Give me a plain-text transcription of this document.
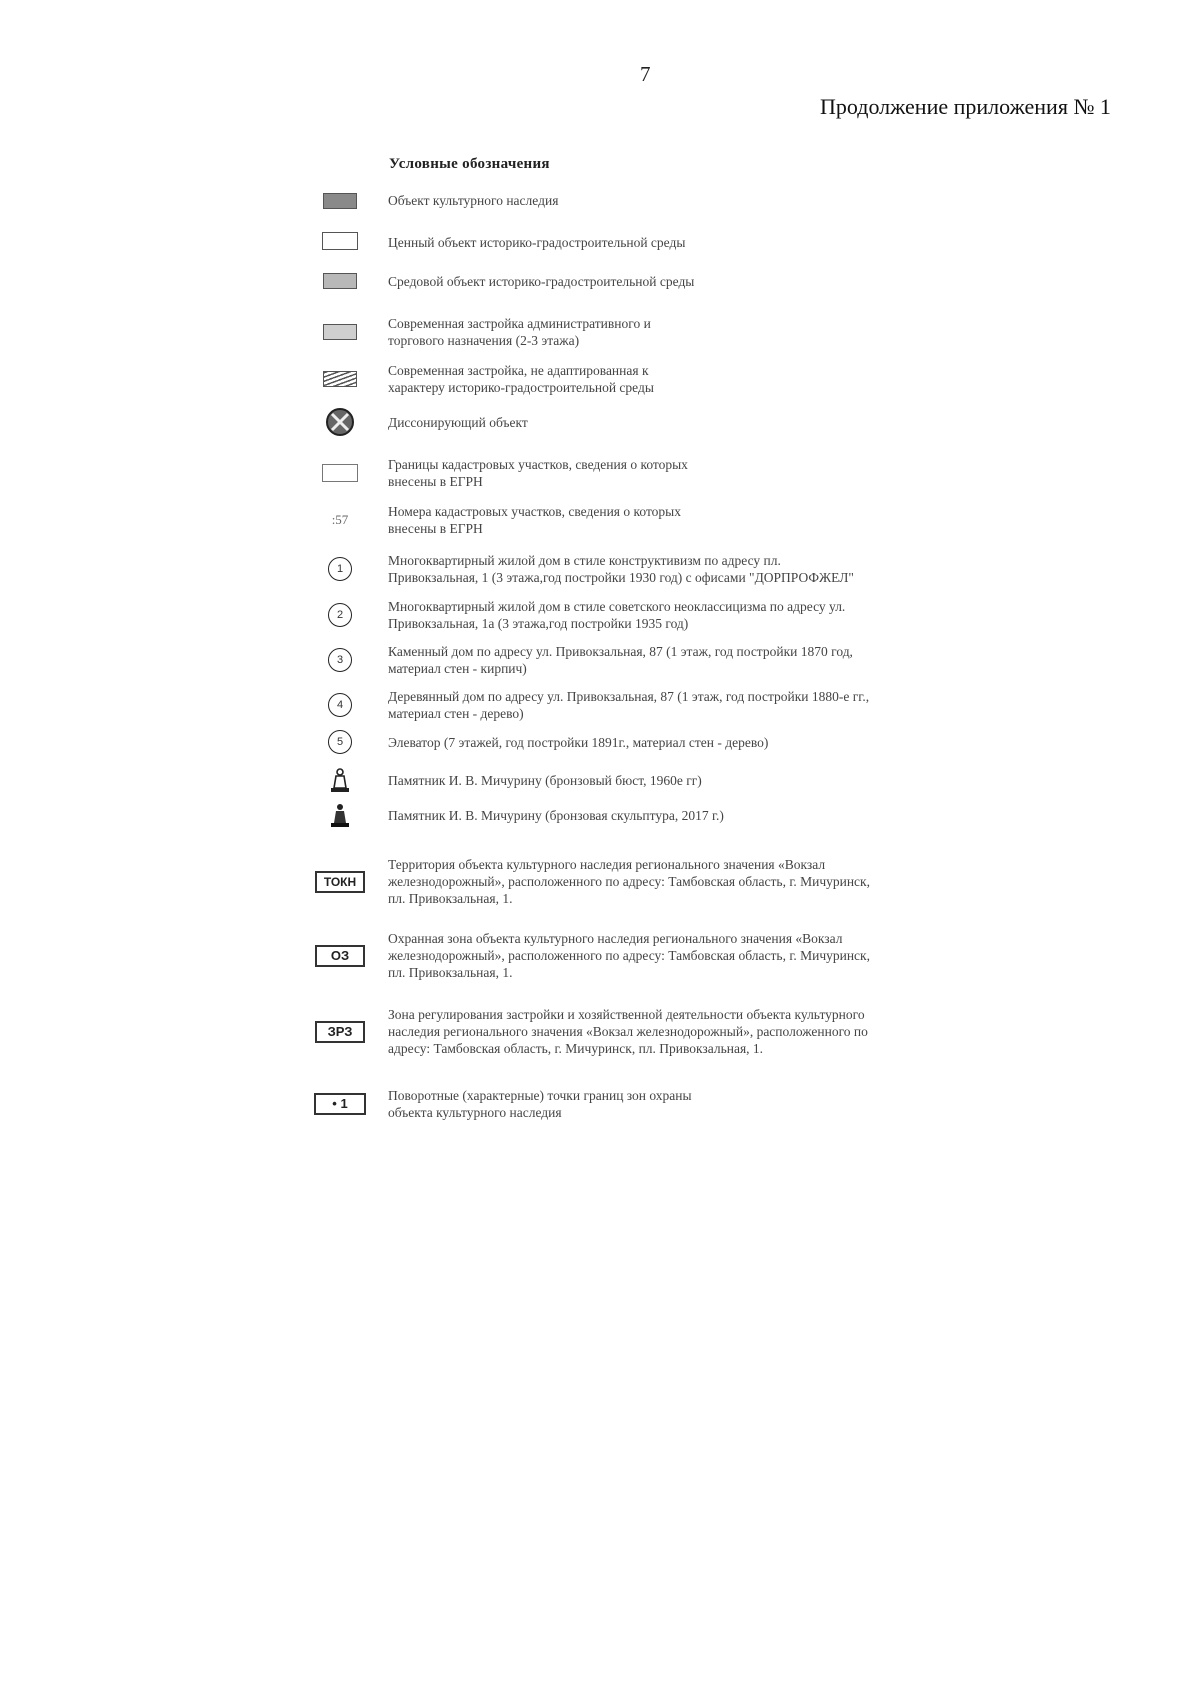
7
Продолжение приложения № 1
Условные обозначения
Объект культурного наследия
Ценный объект историко-градостроительной среды
Средовой объект историко-градостроительной среды
Современная застройка административного и
торгового назначения (2-3 этажа)
Современная застройка, не адаптированная к
характеру историко-градостроительной среды
Диссонирующий объект
Границы кадастровых участков, сведения о которых
внесены в ЕГРН
:57
Номера кадастровых участков, сведения о которых
внесены в ЕГРН
1
Многоквартирный жилой дом в стиле конструктивизм по адресу пл.
Привокзальная, 1 (3 этажа,год постройки 1930 год) с офисами "ДОРПРОФЖЕЛ"
2
Многоквартирный жилой дом в стиле советского неоклассицизма по адресу ул.
Привокзальная, 1а (3 этажа,год постройки 1935 год)
3
Каменный дом по адресу ул. Привокзальная, 87 (1 этаж, год постройки 1870 год,
материал стен - кирпич)
4
Деревянный дом по адресу ул. Привокзальная, 87 (1 этаж, год постройки 1880-е гг.,
материал стен - дерево)
5	Элеватор (7 этажей, год постройки 1891г., материал стен - дерево)
Памятник И. В. Мичурину (бронзовый бюст, 1960е гг)
Памятник И. В. Мичурину (бронзовая скульптура, 2017 г.)
ТОКН
Территория объекта культурного наследия регионального значения «Вокзал
железнодорожный», расположенного по адресу: Тамбовская область, г. Мичуринск,
пл. Привокзальная, 1.
ОЗ
Охранная зона объекта культурного наследия регионального значения «Вокзал
железнодорожный», расположенного по адресу: Тамбовская область, г. Мичуринск,
пл. Привокзальная, 1.
ЗРЗ
Зона регулирования застройки и хозяйственной деятельности объекта культурного
наследия регионального значения «Вокзал железнодорожный», расположенного по
адресу: Тамбовская область, г. Мичуринск, пл. Привокзальная, 1.
• 1
Поворотные (характерные) точки границ зон охраны
объекта культурного наследия
